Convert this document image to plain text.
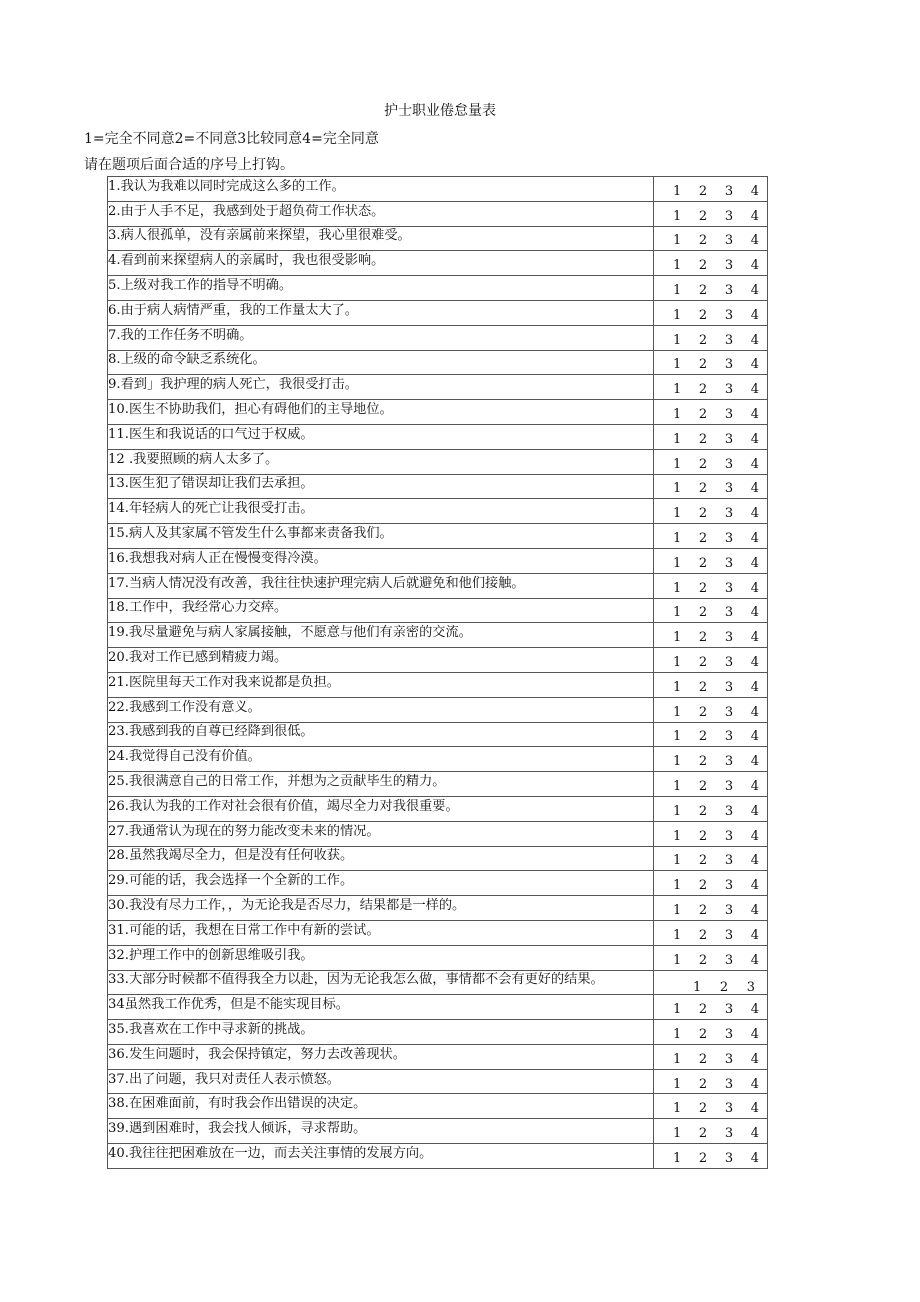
护士职业倦怠量表
1=完全不同意2=不同意3比较同意4=完全同意
请在题项后面合适的序号上打钩。
1.我认为我难以同时完成这么多的工作。	1 2 3 4

2.由于人手不足，我感到处于超负荷工作状态。	1 2 3 4

3.病人很孤单，没有亲属前来探望，我心里很难受。	1 2 3 4

4.看到前来探望病人的亲属时，我也很受影响。	1 2 3 4

5.上级对我工作的指导不明确。	1 2 3 4

6.由于病人病情严重，我的工作量太大了。	1 2 3 4

7.我的工作任务不明确。	1 2 3 4

8.上级的命令缺乏系统化。	1 2 3 4

9.看到」我护理的病人死亡，我很受打击。	1 2 3 4

10.医生不协助我们，担心有碍他们的主导地位。	1 2 3 4

11.医生和我说话的口气过于权威。	1 2 3 4

12 .我要照顾的病人太多了。	1 2 3 4

13.医生犯了错误却让我们去承担。	1 2 3 4

14.年轻病人的死亡让我很受打击。	1 2 3 4

15.病人及其家属不管发生什么事都来责备我们。	1 2 3 4

16.我想我对病人正在慢慢变得冷漠。	1 2 3 4

17.当病人情况没有改善，我往往快速护理完病人后就避免和他们接触。	1 2 3 4

18.工作中，我经常心力交瘁。	1 2 3 4

19.我尽量避免与病人家属接触，不愿意与他们有亲密的交流。	1 2 3 4

20.我对工作已感到精疲力竭。	1 2 3 4

21.医院里每天工作对我来说都是负担。	1 2 3 4

22.我感到工作没有意义。	1 2 3 4

23.我感到我的自尊已经降到很低。	1 2 3 4

24.我觉得自己没有价值。	1 2 3 4

25.我很满意自己的日常工作，并想为之贡献毕生的精力。	1 2 3 4

26.我认为我的工作对社会很有价值，竭尽全力对我很重要。	1 2 3 4

27.我通常认为现在的努力能改变未来的情况。	1 2 3 4

28.虽然我竭尽全力，但是没有任何收获。	1 2 3 4

29.可能的话，我会选择一个全新的工作。	1 2 3 4

30.我没有尽力工作，，为无论我是否尽力，结果都是一样的。	1 2 3 4

31.可能的话，我想在日常工作中有新的尝试。	1 2 3 4

32.护理工作中的创新思维吸引我。	1 2 3 4

33.大部分时候都不值得我全力以赴，因为无论我怎么做，事情都不会有更好的结果。	1 2 3

34虽然我工作优秀，但是不能实现目标。	1 2 3 4

35.我喜欢在工作中寻求新的挑战。	1 2 3 4

36.发生问题时，我会保持镇定，努力去改善现状。	1 2 3 4

37.出了问题，我只对责任人表示愤怒。	1 2 3 4

38.在困难面前，有时我会作出错误的决定。	1 2 3 4

39.遇到困难时，我会找人倾诉，寻求帮助。	1 2 3 4

40.我往往把困难放在一边，而去关注事情的发展方向。	1 2 3 4
